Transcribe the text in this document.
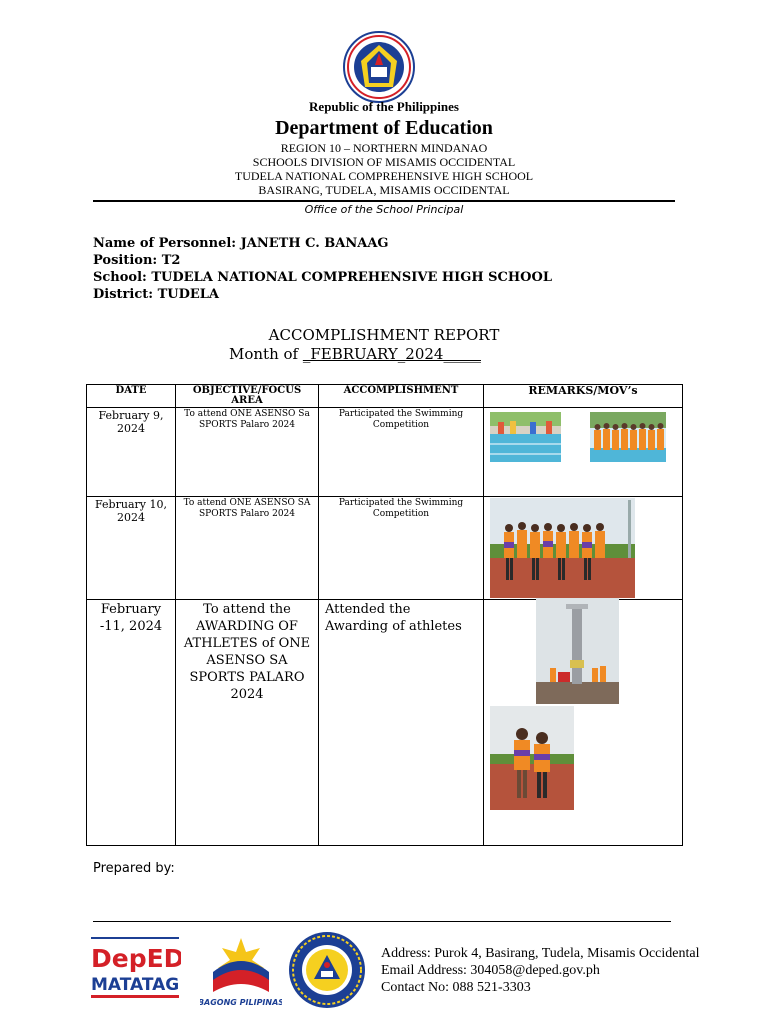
Republic of the Philippines
Department of Education
REGION 10 – NORTHERN MINDANAO
SCHOOLS DIVISION OF MISAMIS OCCIDENTAL
TUDELA NATIONAL COMPREHENSIVE HIGH SCHOOL
BASIRANG, TUDELA, MISAMIS OCCIDENTAL
Office of the School Principal
Name of Personnel: JANETH C. BANAAG
Position: T2
School: TUDELA NATIONAL COMPREHENSIVE HIGH SCHOOL
District: TUDELA
ACCOMPLISHMENT REPORT
Month of _FEBRUARY_2024_____
DATE	OBJECTIVE/FOCUS AREA	ACCOMPLISHMENT	REMARKS/MOV’s
February 9, 2024	To attend ONE ASENSO Sa SPORTS Palaro 2024	Participated the Swimming Competition	

February 10, 2024	To attend ONE ASENSO SA SPORTS Palaro 2024	Participated the Swimming Competition	

February -11, 2024	To attend the AWARDING OF ATHLETES of ONE ASENSO SA SPORTS PALARO 2024	Attended the Awarding of athletes	
Prepared by:
DepED
MATATAG
BAGONG PILIPINAS
Address: Purok 4, Basirang, Tudela, Misamis Occidental
Email Address: 304058@deped.gov.ph
Contact No: 088 521-3303
